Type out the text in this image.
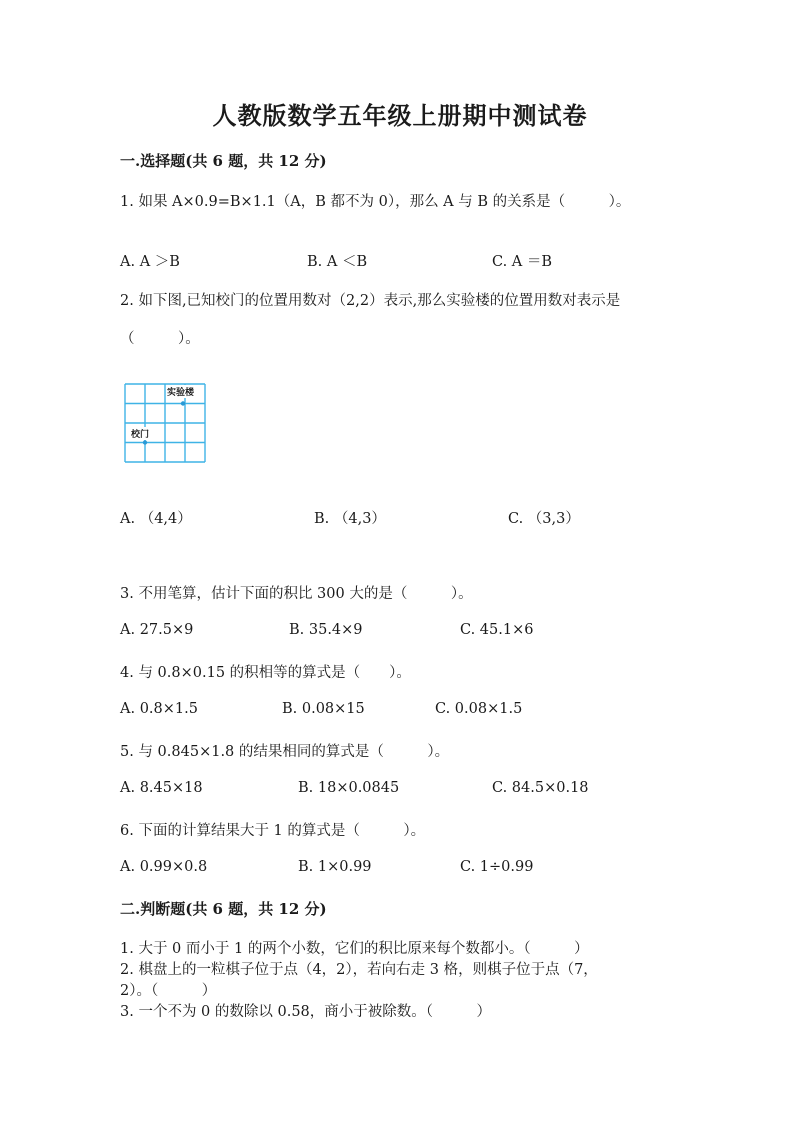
人教版数学五年级上册期中测试卷
一.选择题(共 6 题，共 12 分)
1. 如果 A×0.9=B×1.1（A，B 都不为 0），那么 A 与 B 的关系是（　　　）。
A. A ＞B	B. A ＜B	C. A ＝B
2. 如下图,已知校门的位置用数对（2,2）表示,那么实验楼的位置用数对表示是
（　　　）。
实验楼
校门
A. （4,4）	B. （4,3）	C. （3,3）
3. 不用笔算，估计下面的积比 300 大的是（　　　）。
A. 27.5×9	B. 35.4×9	C. 45.1×6
4. 与 0.8×0.15 的积相等的算式是（　　）。
A. 0.8×1.5	B. 0.08×15	C. 0.08×1.5
5. 与 0.845×1.8 的结果相同的算式是（　　　）。
A. 8.45×18	B. 18×0.0845	C. 84.5×0.18
6. 下面的计算结果大于 1 的算式是（　　　）。
A. 0.99×0.8	B. 1×0.99	C. 1÷0.99
二.判断题(共 6 题，共 12 分)
1. 大于 0 而小于 1 的两个小数，它们的积比原来每个数都小。（　　　）
2. 棋盘上的一粒棋子位于点（4，2），若向右走 3 格，则棋子位于点（7，
2）。（　　　）
3. 一个不为 0 的数除以 0.58，商小于被除数。（　　　）
